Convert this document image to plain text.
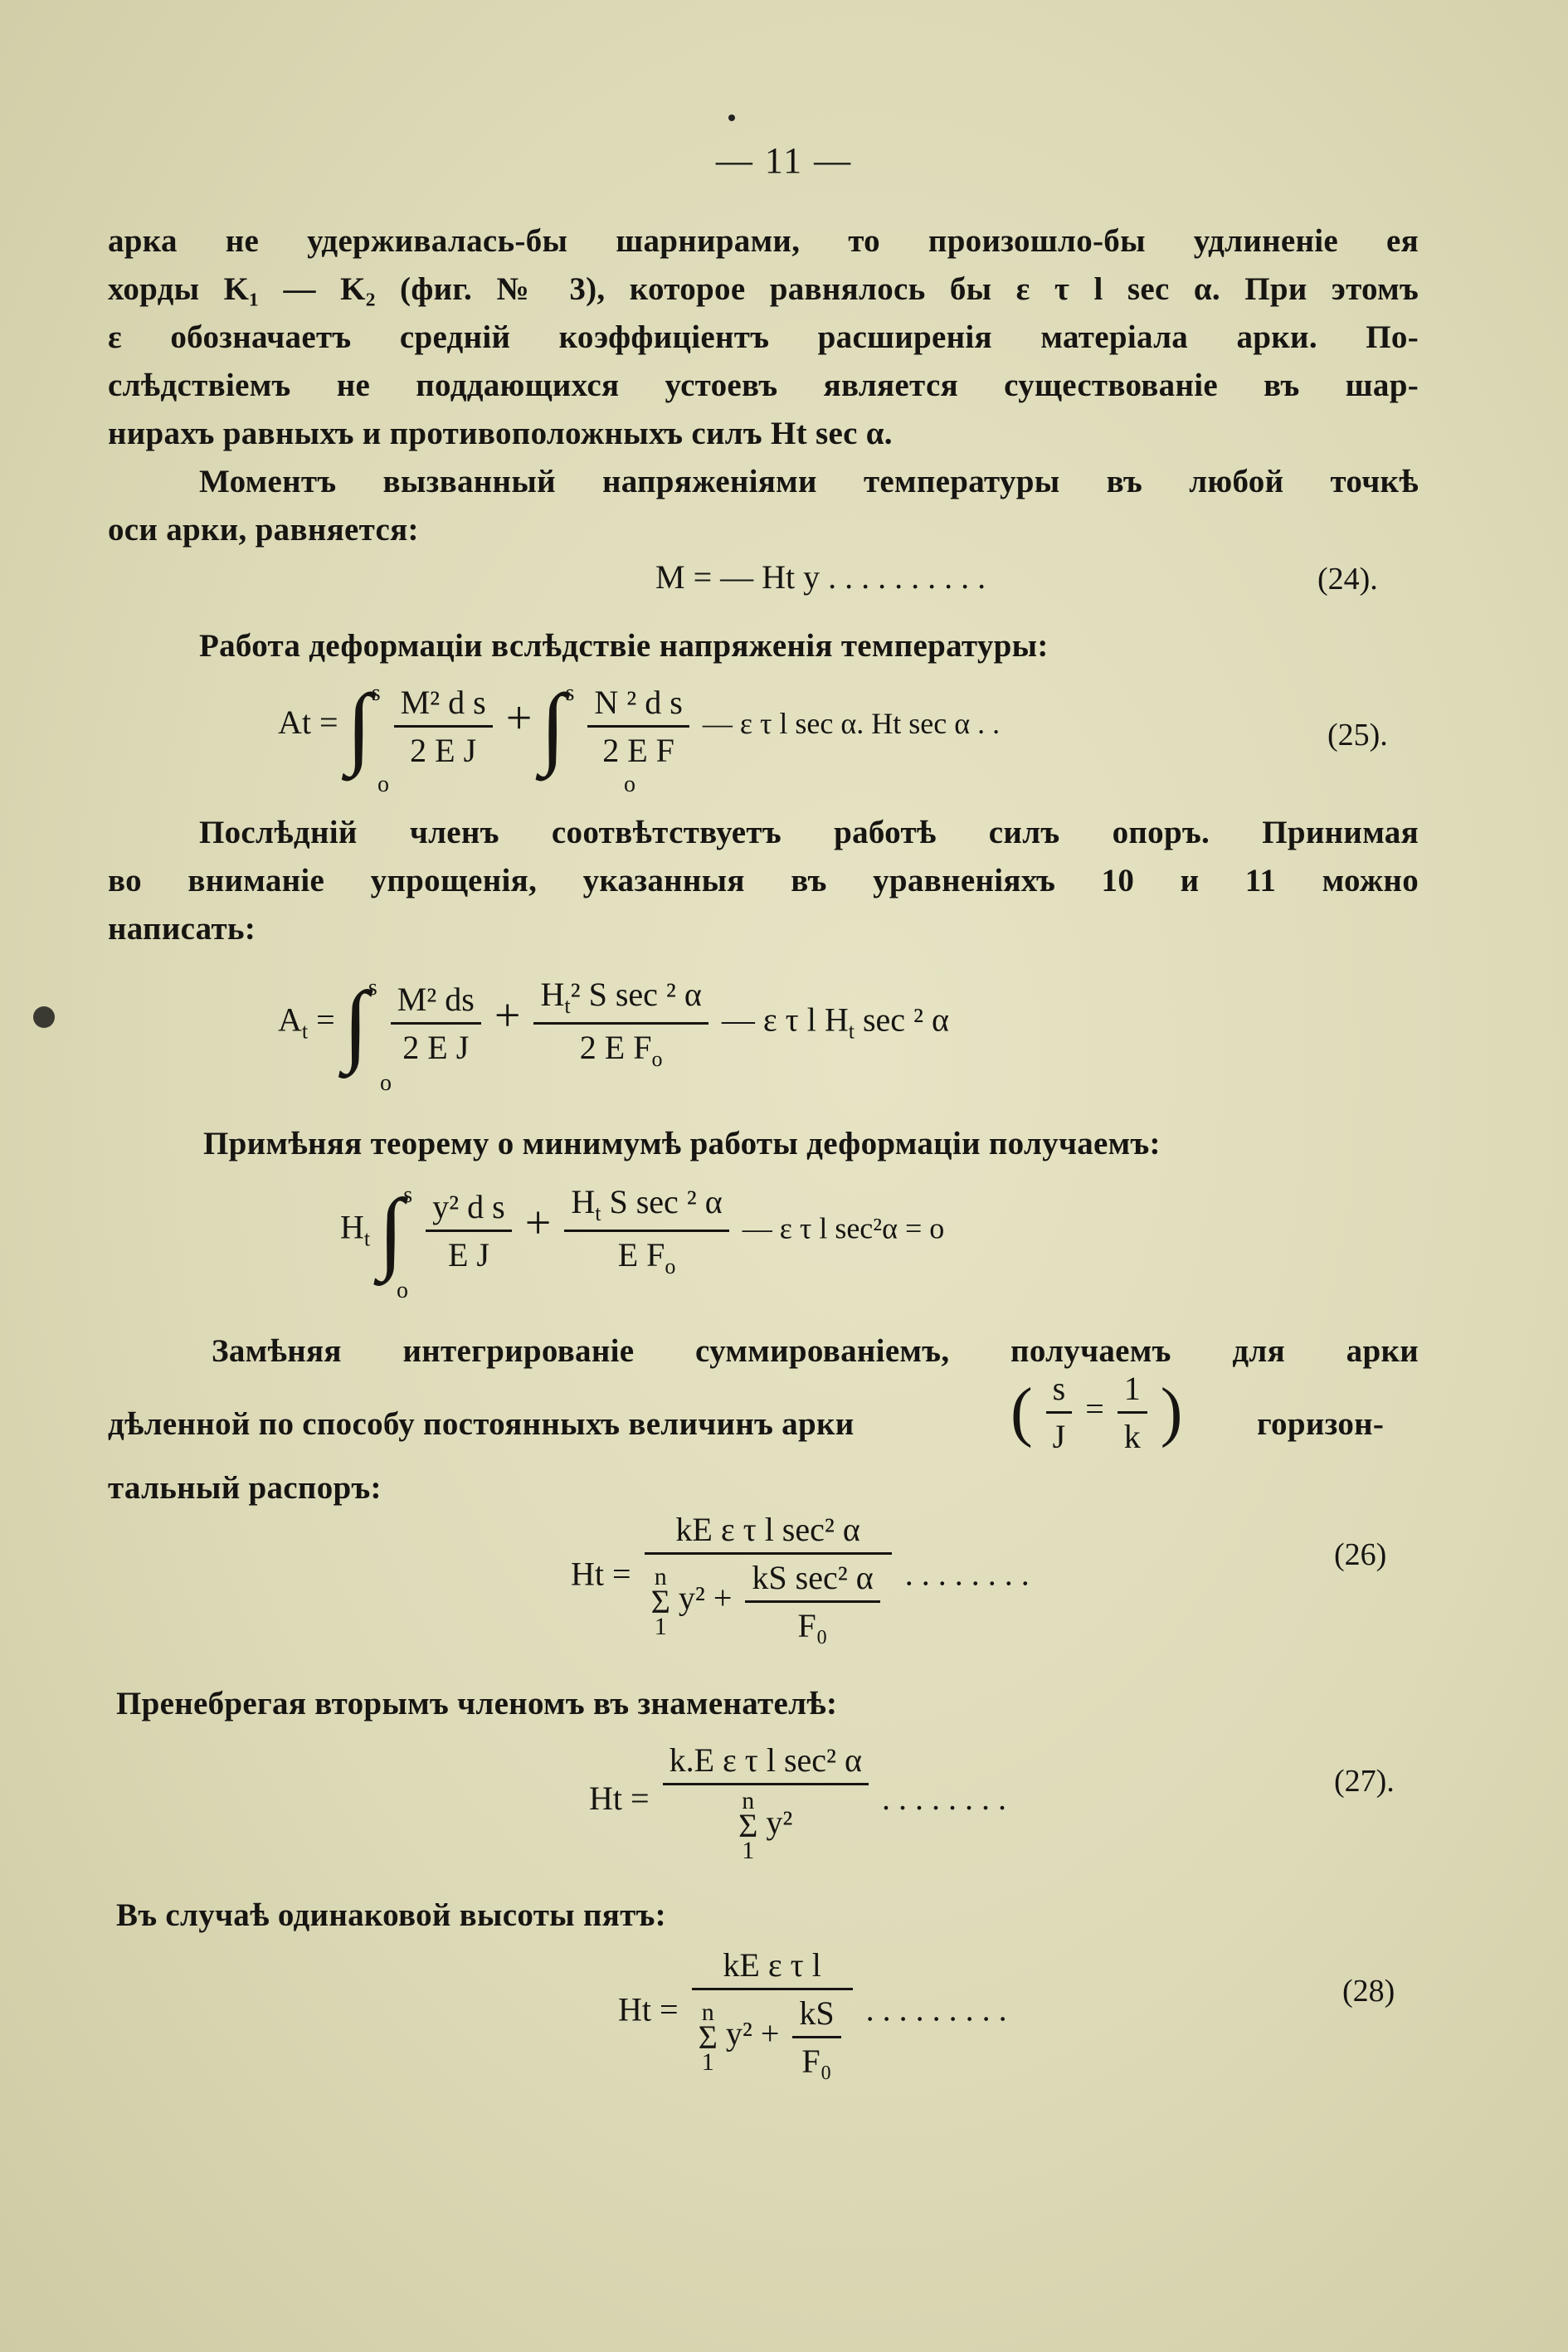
— 11 —
арка не удерживалась-бы шарнирами, то произошло-бы удлиненіе ея
хорды K₁ — K₂ (фиг. № 3), которое равнялось бы ε τ l sec α. При этомъ
ε обозначаетъ среднiй коэффиціентъ расширенія матеріала арки. По-
слѣдствіемъ не поддающихся устоевъ является существованіе въ шар-
нирахъ равныхъ и противоположныхъ силъ Ht sec α.
Моментъ вызванный напряженіями температуры въ любой точкѣ
оси арки, равняется:
M = — Ht y . . . . . . . . . .	(24).
Работа деформаціи вслѣдствіе напряженія температуры:
$At = \int^s \frac{\text{M² d s}}{\text{2 E J}} + \int^s \frac{\text{N ² d s}}{\text{2 E F}}$ — ε τ l sec α. Ht sec α . .
o	o
(25).
Послѣдній членъ соотвѣтствуетъ работѣ силъ опоръ. Принимая
во вниманіе упрощенія, указанныя въ уравненіяхъ 10 и 11 можно
написать:
$A_t = \int^s \frac{\text{M² ds}}{\text{2 E J}} + \frac{H_t^2 S \sec ^2 \alpha}{2 E F_o}$ — ε τ l $H_t$ sec ² α
o
Примѣняя теорему о минимумѣ работы деформаціи получаемъ:
$H_t$ $\int^s \frac{\text{y² d s}}{\text{E J}} + \frac{H_t S \sec ^2 \alpha}{E F_o}$ — ε τ l sec²α = o
o
Замѣняя интегрированіе суммированіемъ, получаемъ для арки
дѣленной по способу постоянныхъ величинъ арки	( $\frac{s}{J} = \frac{1}{k}$ ) горизон-
тальный распоръ:
Ht = kE ε τ l sec² α
n
Σ
1
$y^2 + \frac{\text{kS sec² α}}{\text{F₀}}$ . . . . . . . .
(26)
Пренебрегая вторымъ членомъ въ знаменателѣ:
Ht = k.E ε τ l sec² α
n
Σ
1
y² . . . . . . . .	(27).
Въ случаѣ одинаковой высоты пятъ:
Ht = kE ε τ l
n
Σ
1
$y^2 + \frac{kS}{\text{F₀}}$ . . . . . . . . .	(28)
